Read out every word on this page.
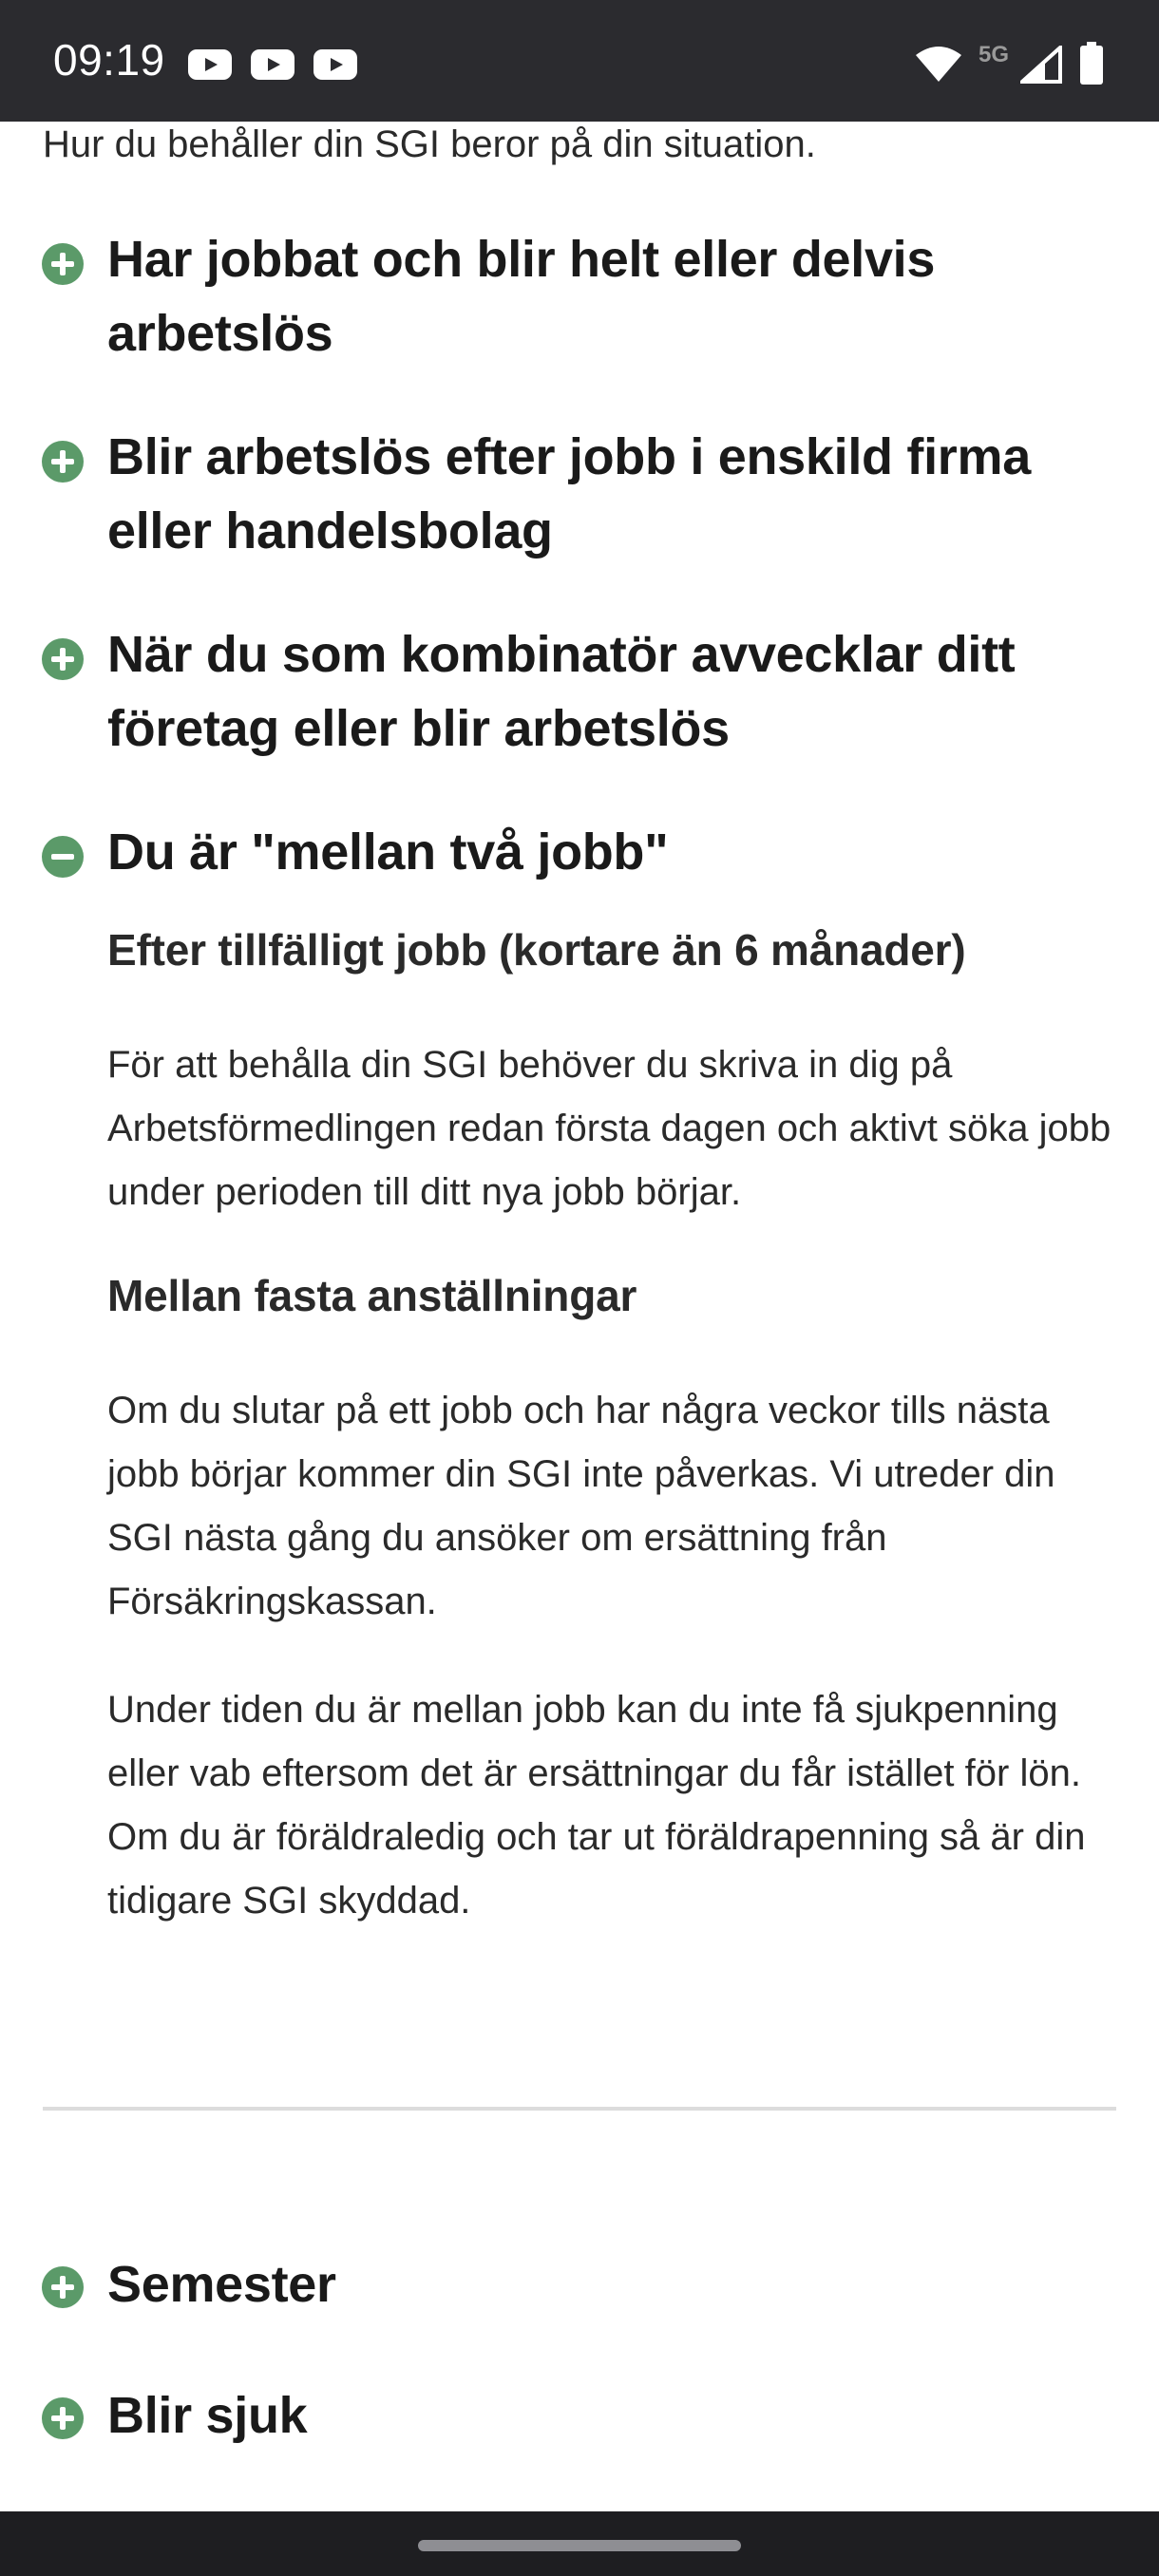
09:19	5G
Hur du behåller din SGI beror på din situation.
Har jobbat och blir helt eller delvis arbetslös
Blir arbetslös efter jobb i enskild firma eller handelsbolag
När du som kombinatör avvecklar ditt företag eller blir arbetslös
Du är "mellan två jobb"
Efter tillfälligt jobb (kortare än 6 månader)
För att behålla din SGI behöver du skriva in dig på Arbetsförmedlingen redan första dagen och aktivt söka jobb under perioden till ditt nya jobb börjar.
Mellan fasta anställningar
Om du slutar på ett jobb och har några veckor tills nästa jobb börjar kommer din SGI inte påverkas. Vi utreder din SGI nästa gång du ansöker om ersättning från Försäkringskassan.
Under tiden du är mellan jobb kan du inte få sjukpenning eller vab eftersom det är ersättningar du får istället för lön. Om du är föräldraledig och tar ut föräldrapenning så är din tidigare SGI skyddad.
Semester
Blir sjuk
